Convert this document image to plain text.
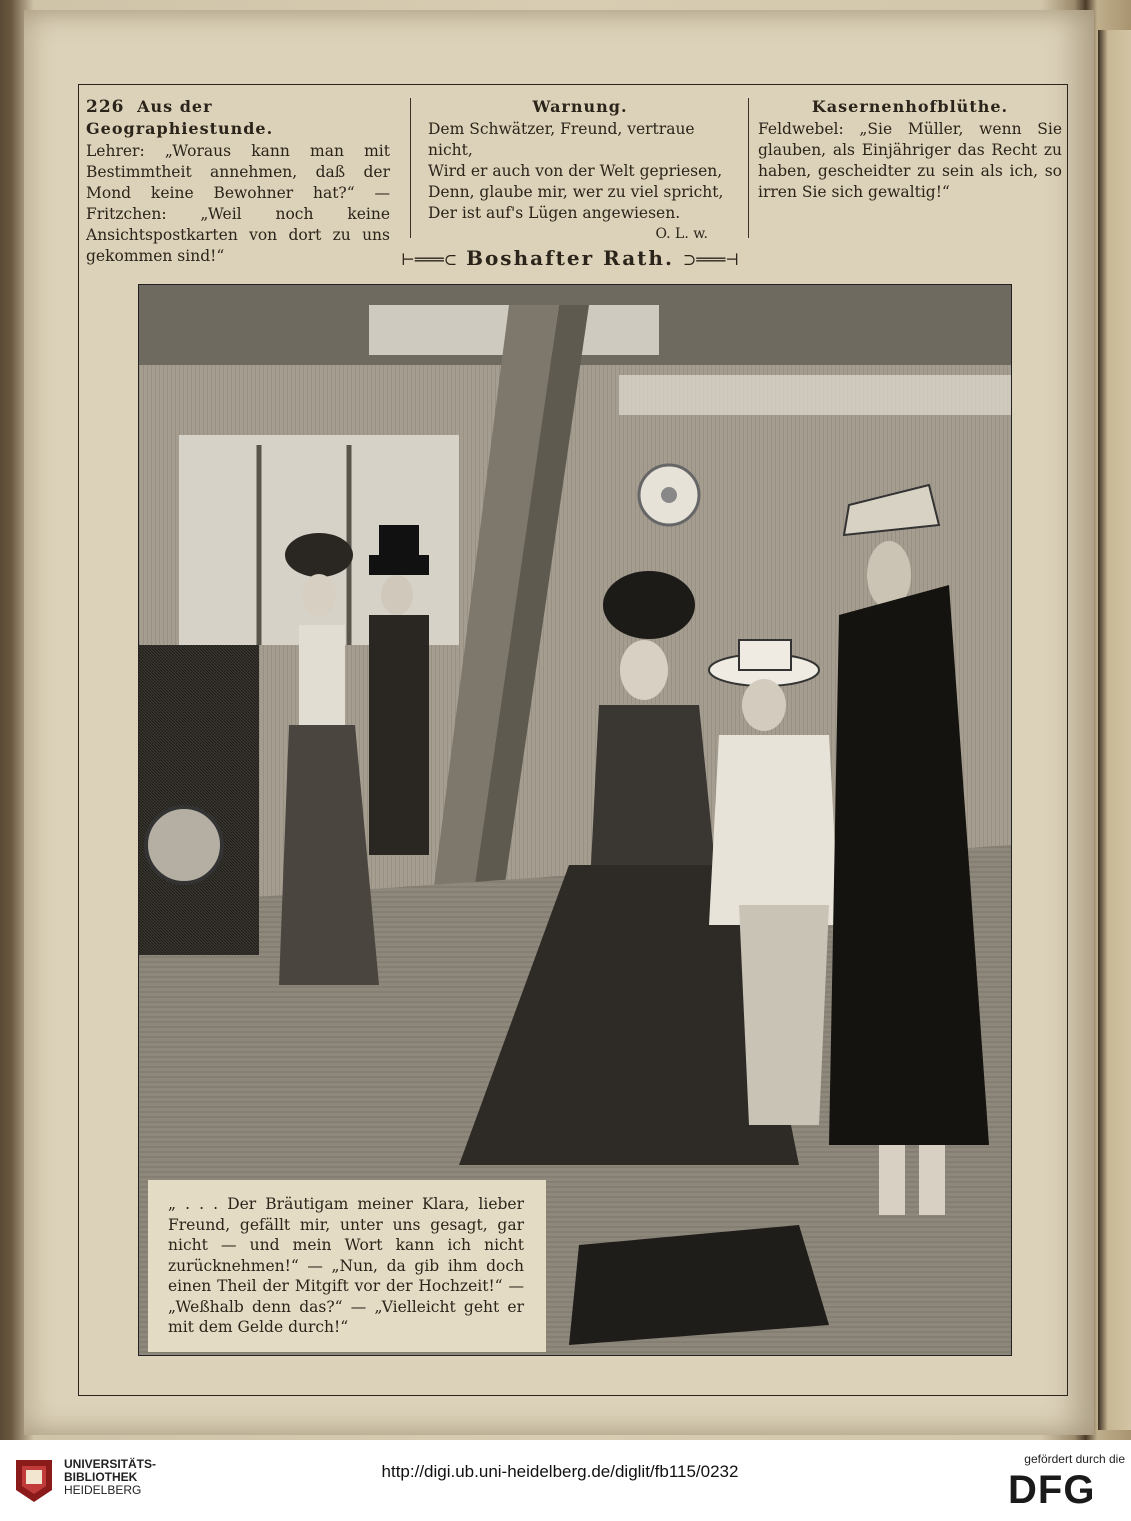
226 Aus der Geographiestunde.
Lehrer: „Woraus kann man mit Bestimmtheit annehmen, daß der Mond keine Bewohner hat?“ — Fritzchen: „Weil noch keine Ansichtspostkarten von dort zu uns gekommen sind!“
Warnung.
Dem Schwätzer, Freund, vertraue nicht,
Wird er auch von der Welt gepriesen,
Denn, glaube mir, wer zu viel spricht,
Der ist auf's Lügen angewiesen.
O. L. w.
Kasernenhofblüthe.
Feldwebel: „Sie Müller, wenn Sie glauben, als Einjähriger das Recht zu haben, gescheidter zu sein als ich, so irren Sie sich gewaltig!“
⊢═══⊂ Boshafter Rath. ⊃═══⊣
„ . . . Der Bräutigam meiner Klara, lieber Freund, gefällt mir, unter uns gesagt, gar nicht — und mein Wort kann ich nicht zurücknehmen!“ — „Nun, da gib ihm doch einen Theil der Mitgift vor der Hochzeit!“ — „Weßhalb denn das?“ — „Vielleicht geht er mit dem Gelde durch!“
UNIVERSITÄTS-
BIBLIOTHEK
HEIDELBERG
http://digi.ub.uni-heidelberg.de/diglit/fb115/0232
gefördert durch die
DFG
